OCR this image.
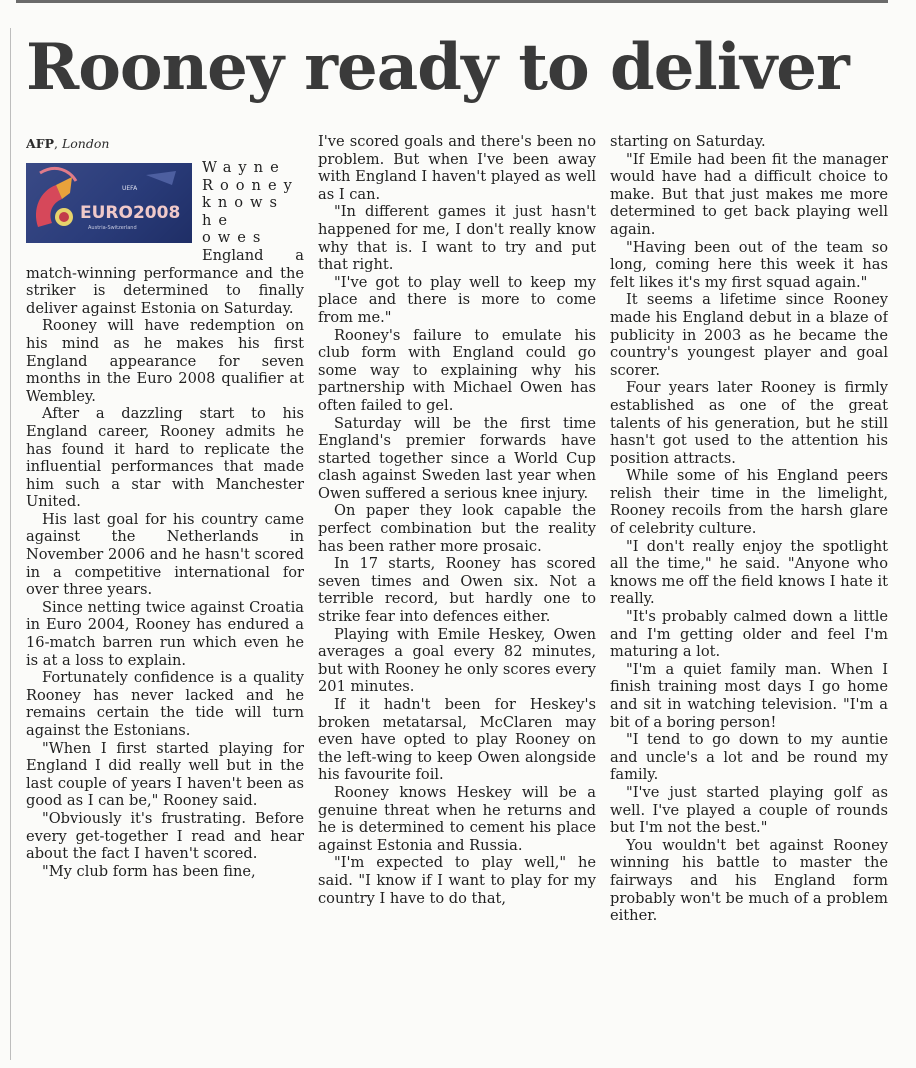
Rooney ready to deliver
AFP, London
UEFA
EURO2008
Austria-Switzerland

Wayne

Rooney

knows he

owes

England a match-winning performance and the striker is determined to finally deliver against Estonia on Saturday.

Rooney will have redemption on his mind as he makes his first England appearance for seven months in the Euro 2008 qualifier at Wembley.

After a dazzling start to his England career, Rooney admits he has found it hard to replicate the influential performances that made him such a star with Manchester United.

His last goal for his country came against the Netherlands in November 2006 and he hasn't scored in a competitive international for over three years.

Since netting twice against Croatia in Euro 2004, Rooney has endured a 16-match barren run which even he is at a loss to explain.

Fortunately confidence is a quality Rooney has never lacked and he remains certain the tide will turn against the Estonians.

"When I first started playing for England I did really well but in the last couple of years I haven't been as good as I can be," Rooney said.

"Obviously it's frustrating. Before every get-together I read and hear about the fact I haven't scored.

"My club form has been fine,

I've scored goals and there's been no problem. But when I've been away with England I haven't played as well as I can.

"In different games it just hasn't happened for me, I don't really know why that is. I want to try and put that right.

"I've got to play well to keep my place and there is more to come from me."

Rooney's failure to emulate his club form with England could go some way to explaining why his partnership with Michael Owen has often failed to gel.

Saturday will be the first time England's premier forwards have started together since a World Cup clash against Sweden last year when Owen suffered a serious knee injury.

On paper they look capable the perfect combination but the reality has been rather more prosaic.

In 17 starts, Rooney has scored seven times and Owen six. Not a terrible record, but hardly one to strike fear into defences either.

Playing with Emile Heskey, Owen averages a goal every 82 minutes, but with Rooney he only scores every 201 minutes.

If it hadn't been for Heskey's broken metatarsal, McClaren may even have opted to play Rooney on the left-wing to keep Owen alongside his favourite foil.

Rooney knows Heskey will be a genuine threat when he returns and he is determined to cement his place against Estonia and Russia.

"I'm expected to play well," he said. "I know if I want to play for my country I have to do that,

starting on Saturday.

"If Emile had been fit the manager would have had a difficult choice to make. But that just makes me more determined to get back playing well again.

"Having been out of the team so long, coming here this week it has felt likes it's my first squad again."

It seems a lifetime since Rooney made his England debut in a blaze of publicity in 2003 as he became the country's youngest player and goal scorer.

Four years later Rooney is firmly established as one of the great talents of his generation, but he still hasn't got used to the attention his position attracts.

While some of his England peers relish their time in the limelight, Rooney recoils from the harsh glare of celebrity culture.

"I don't really enjoy the spotlight all the time," he said. "Anyone who knows me off the field knows I hate it really.

"It's probably calmed down a little and I'm getting older and feel I'm maturing a lot.

"I'm a quiet family man. When I finish training most days I go home and sit in watching television. "I'm a bit of a boring person!

"I tend to go down to my auntie and uncle's a lot and be round my family.

"I've just started playing golf as well. I've played a couple of rounds but I'm not the best."

You wouldn't bet against Rooney winning his battle to master the fairways and his England form probably won't be much of a problem either.
